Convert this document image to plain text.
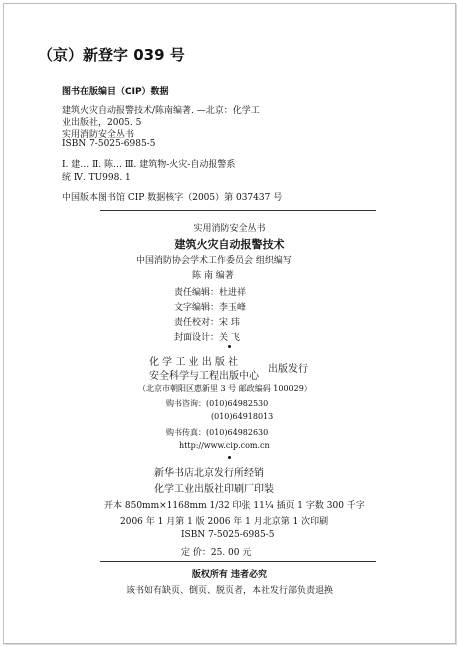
（京）新登字 039 号
图书在版编目（CIP）数据
建筑火灾自动报警技术/陈南编著. —北京：化学工
业出版社，2005. 5
实用消防安全丛书
ISBN 7-5025-6985-5
Ⅰ. 建… Ⅱ. 陈… Ⅲ. 建筑物-火灾-自动报警系
统 Ⅳ. TU998. 1
中国版本图书馆 CIP 数据核字（2005）第 037437 号
实用消防安全丛书
建筑火灾自动报警技术
中国消防协会学术工作委员会 组织编写
陈 南 编著
责任编辑：杜进祥
文字编辑：李玉峰
责任校对：宋 玮
封面设计：关 飞
化 学 工 业 出 版 社
安全科学与工程出版中心
出版发行
（北京市朝阳区惠新里 3 号 邮政编码 100029）
购书咨询：(010)64982530
(010)64918013
购书传真：(010)64982630
http://www.cip.com.cn
新华书店北京发行所经销
化学工业出版社印刷厂印装
开本 850mm×1168mm 1/32 印张 11¼ 插页 1 字数 300 千字
2006 年 1 月第 1 版 2006 年 1 月北京第 1 次印刷
ISBN 7-5025-6985-5
定 价：25. 00 元
版权所有 违者必究
该书如有缺页、倒页、脱页者，本社发行部负责退换
